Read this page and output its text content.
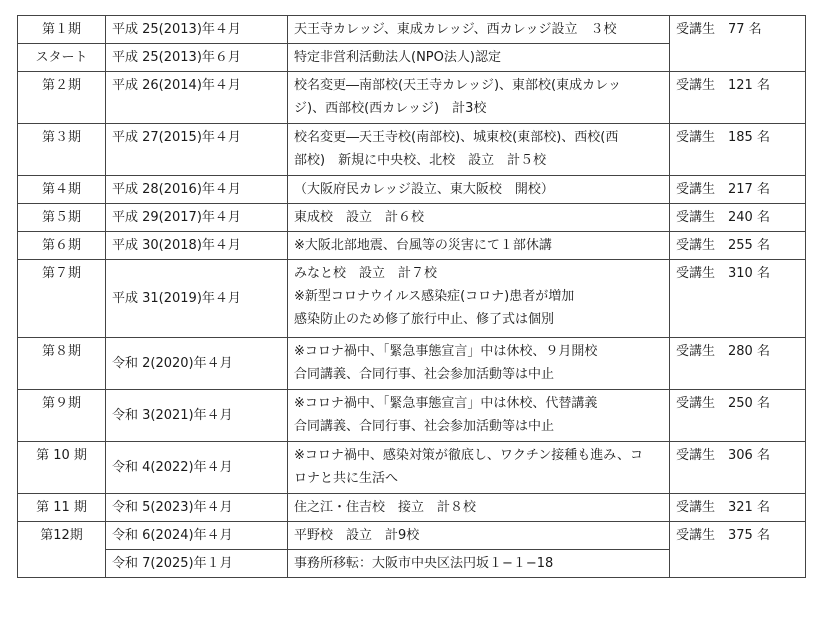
第１期	平成 25(2013)年４月	天王寺カレッジ、東成カレッジ、西カレッジ設立　３校	受講生　77 名
スタート	平成 25(2013)年６月	特定非営利活動法人(NPO法人)認定	

第２期	平成 26(2014)年４月	校名変更―南部校(天王寺カレッジ)、東部校(東成カレッ
ジ)、西部校(西カレッジ)　計3校	受講生　121 名
第３期	平成 27(2015)年４月	校名変更―天王寺校(南部校)、城東校(東部校)、西校(西
部校)　新規に中央校、北校　設立　計５校	受講生　185 名
第４期	平成 28(2016)年４月	（大阪府民カレッジ設立、東大阪校　開校）	受講生　217 名
第５期	平成 29(2017)年４月	東成校　設立　計６校	受講生　240 名
第６期	平成 30(2018)年４月	※大阪北部地震、台風等の災害にて１部休講	受講生　255 名
第７期	平成 31(2019)年４月	みなと校　設立　計７校
※新型コロナウイルス感染症(コロナ)患者が増加
感染防止のため修了旅行中止、修了式は個別	受講生　310 名
第８期	令和 2(2020)年４月	※コロナ禍中、「緊急事態宣言」中は休校、９月開校
合同講義、合同行事、社会参加活動等は中止	受講生　280 名
第９期	令和 3(2021)年４月	※コロナ禍中、「緊急事態宣言」中は休校、代替講義
合同講義、合同行事、社会参加活動等は中止	受講生　250 名
第 10 期	令和 4(2022)年４月	※コロナ禍中、感染対策が徹底し、ワクチン接種も進み、コ
ロナと共に生活へ	受講生　306 名
第 11 期	令和 5(2023)年４月	住之江・住吉校　接立　計８校	受講生　321 名
第12期	令和 6(2024)年４月	平野校　設立　計9校	受講生　375 名
	令和 7(2025)年１月	事務所移転：大阪市中央区法円坂１−１−18	
